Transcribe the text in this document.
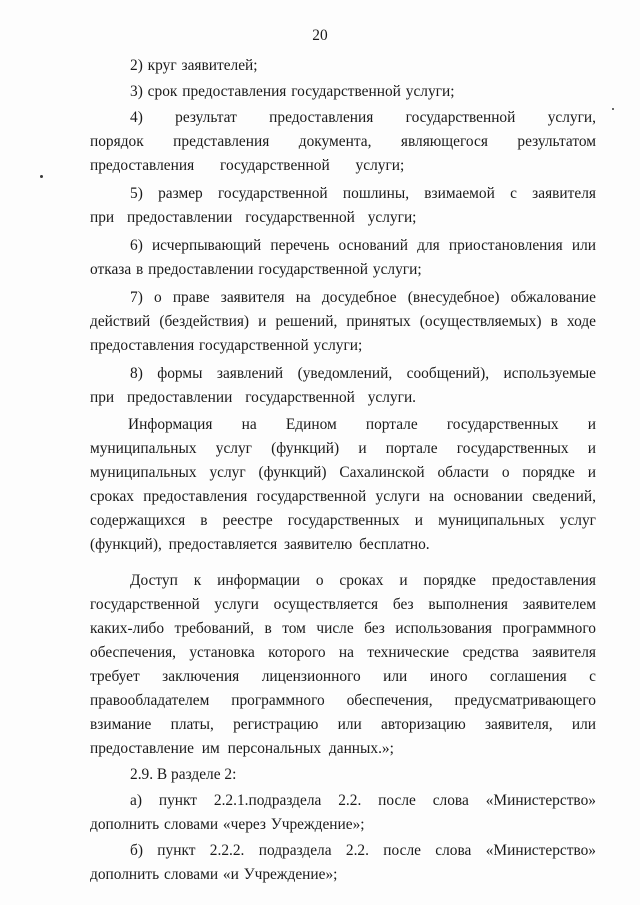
20

2) круг заявителей;

3) срок предоставления государственной услуги;

4) результат предоставления государственной услуги, порядок представления документа, являющегося результатом предоставления государственной услуги;

5) размер государственной пошлины, взимаемой с заявителя при предоставлении государственной услуги;

6) исчерпывающий перечень оснований для приостановления или отказа в предоставлении государственной услуги;

7) о праве заявителя на досудебное (внесудебное) обжалование действий (бездействия) и решений, принятых (осуществляемых) в ходе предоставления государственной услуги;

8) формы заявлений (уведомлений, сообщений), используемые при предоставлении государственной услуги.

Информация на Едином портале государственных и муниципальных услуг (функций) и портале государственных и муниципальных услуг (функций) Сахалинской области о порядке и сроках предоставления государственной услуги на основании сведений, содержащихся в реестре государственных и муниципальных услуг (функций), предоставляется заявителю бесплатно.

Доступ к информации о сроках и порядке предоставления государственной услуги осуществляется без выполнения заявителем каких-либо требований, в том числе без использования программного обеспечения, установка которого на технические средства заявителя требует заключения лицензионного или иного соглашения с правообладателем программного обеспечения, предусматривающего взимание платы, регистрацию или авторизацию заявителя, или предоставление им персональных данных.»;

2.9. В разделе 2:

а) пункт 2.2.1.подраздела 2.2. после слова «Министерство» дополнить словами «через Учреждение»;

б) пункт 2.2.2. подраздела 2.2. после слова «Министерство» дополнить словами «и Учреждение»;
